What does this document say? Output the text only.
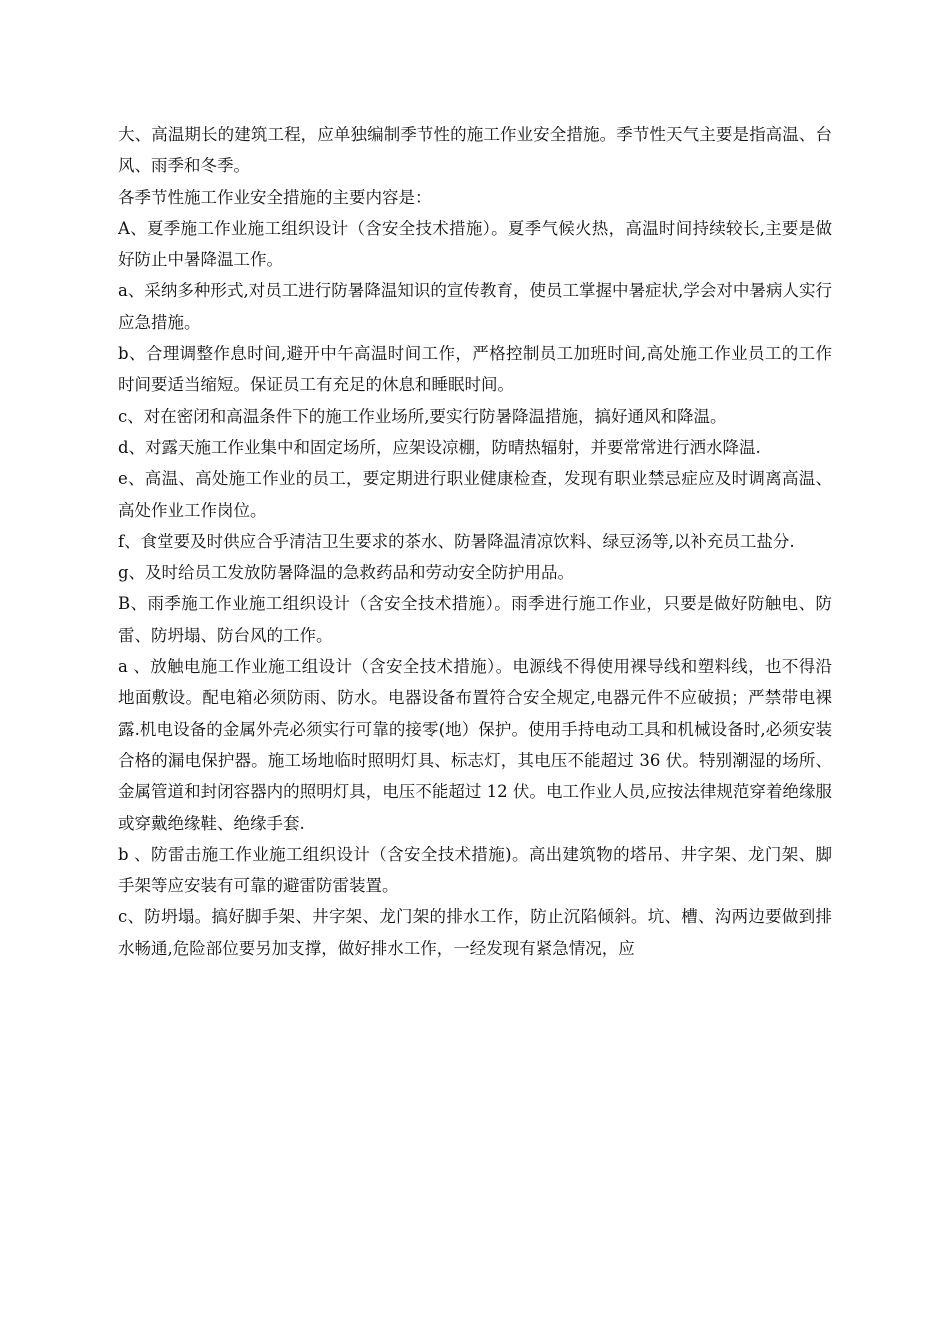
大、高温期长的建筑工程，应单独编制季节性的施工作业安全措施。季节性天气主要是指高温、台风、雨季和冬季。

各季节性施工作业安全措施的主要内容是：

A、夏季施工作业施工组织设计（含安全技术措施）。夏季气候火热，高温时间持续较长,主要是做好防止中暑降温工作。

a、采纳多种形式,对员工进行防暑降温知识的宣传教育，使员工掌握中暑症状,学会对中暑病人实行应急措施。

b、合理调整作息时间,避开中午高温时间工作，严格控制员工加班时间,高处施工作业员工的工作时间要适当缩短。保证员工有充足的休息和睡眠时间。

c、对在密闭和高温条件下的施工作业场所,要实行防暑降温措施，搞好通风和降温。

d、对露天施工作业集中和固定场所，应架设凉棚，防晴热辐射，并要常常进行洒水降温.

e、高温、高处施工作业的员工，要定期进行职业健康检查，发现有职业禁忌症应及时调离高温、高处作业工作岗位。

f、食堂要及时供应合乎清洁卫生要求的茶水、防暑降温清凉饮料、绿豆汤等,以补充员工盐分.

g、及时给员工发放防暑降温的急救药品和劳动安全防护用品。

B、雨季施工作业施工组织设计（含安全技术措施）。雨季进行施工作业，只要是做好防触电、防雷、防坍塌、防台风的工作。

a 、放触电施工作业施工组设计（含安全技术措施）。电源线不得使用裸导线和塑料线，也不得沿地面敷设。配电箱必须防雨、防水。电器设备布置符合安全规定,电器元件不应破损；严禁带电裸露.机电设备的金属外壳必须实行可靠的接零(地）保护。使用手持电动工具和机械设备时,必须安装合格的漏电保护器。施工场地临时照明灯具、标志灯，其电压不能超过 36 伏。特别潮湿的场所、金属管道和封闭容器内的照明灯具，电压不能超过 12 伏。电工作业人员,应按法律规范穿着绝缘服或穿戴绝缘鞋、绝缘手套.

b 、防雷击施工作业施工组织设计（含安全技术措施)。高出建筑物的塔吊、井字架、龙门架、脚手架等应安装有可靠的避雷防雷装置。

c、防坍塌。搞好脚手架、井字架、龙门架的排水工作，防止沉陷倾斜。坑、槽、沟两边要做到排水畅通,危险部位要另加支撑，做好排水工作，一经发现有紧急情况，应
